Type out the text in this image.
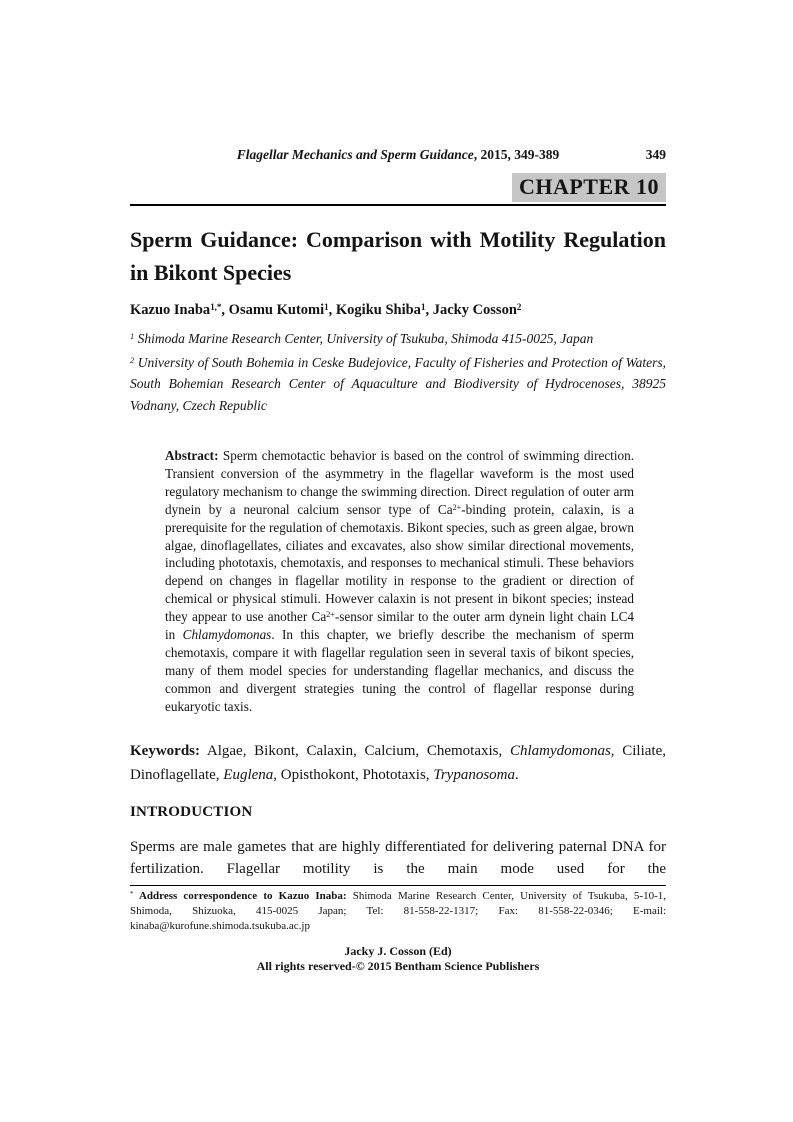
Flagellar Mechanics and Sperm Guidance, 2015, 349-389	349
CHAPTER 10
Sperm Guidance: Comparison with Motility Regulation in Bikont Species
Kazuo Inaba$^{1,*}$, Osamu Kutomi$^1$, Kogiku Shiba$^1$, Jacky Cosson$^2$

$^1$ Shimoda Marine Research Center, University of Tsukuba, Shimoda 415-0025, Japan

$^2$ University of South Bohemia in Ceske Budejovice, Faculty of Fisheries and Protection of Waters, South Bohemian Research Center of Aquaculture and Biodiversity of Hydrocenoses, 38925 Vodnany, Czech Republic

Abstract: Sperm chemotactic behavior is based on the control of swimming direction. Transient conversion of the asymmetry in the flagellar waveform is the most used regulatory mechanism to change the swimming direction. Direct regulation of outer arm dynein by a neuronal calcium sensor type of $Ca^{2+}$-binding protein, calaxin, is a prerequisite for the regulation of chemotaxis. Bikont species, such as green algae, brown algae, dinoflagellates, ciliates and excavates, also show similar directional movements, including phototaxis, chemotaxis, and responses to mechanical stimuli. These behaviors depend on changes in flagellar motility in response to the gradient or direction of chemical or physical stimuli. However calaxin is not present in bikont species; instead they appear to use another $Ca^{2+}$-sensor similar to the outer arm dynein light chain LC4 in Chlamydomonas. In this chapter, we briefly describe the mechanism of sperm chemotaxis, compare it with flagellar regulation seen in several taxis of bikont species, many of them model species for understanding flagellar mechanics, and discuss the common and divergent strategies tuning the control of flagellar response during eukaryotic taxis.
Keywords: Algae, Bikont, Calaxin, Calcium, Chemotaxis, Chlamydomonas, Ciliate, Dinoflagellate, Euglena, Opisthokont, Phototaxis, Trypanosoma.
INTRODUCTION

Sperms are male gametes that are highly differentiated for delivering paternal DNA for fertilization. Flagellar motility is the main mode used for the

* Address correspondence to Kazuo Inaba: Shimoda Marine Research Center, University of Tsukuba, 5-10-1, Shimoda, Shizuoka, 415-0025 Japan; Tel: 81-558-22-1317; Fax: 81-558-22-0346; E-mail: kinaba@kurofune.shimoda.tsukuba.ac.jp

Jacky J. Cosson (Ed)
All rights reserved-© 2015 Bentham Science Publishers
